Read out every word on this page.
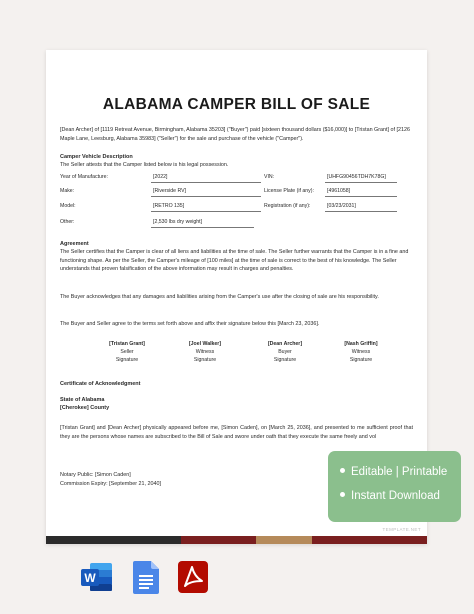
ALABAMA CAMPER BILL OF SALE
[Dean Archer] of [1119 Retreat Avenue, Birmingham, Alabama 35203] ("Buyer") paid [sixteen thousand dollars ($16,000)] to [Tristan Grant] of [2126 Maple Lane, Leesburg, Alabama 35983] ("Seller") for the sale and purchase of the vehicle ("Camper").
Camper Vehicle Description
The Seller attests that the Camper listed below is his legal possession.
Year of Manufacture:	[2022]	VIN:	[UHFG90456TDH7K78G]
Make:	[Riverside RV]	License Plate (if any):	[4961058]
Model:	[RETRO 135]	Registration (if any):	[03/23/2031]
Other:	[2,530 lbs dry weight]
Agreement
The Seller certifies that the Camper is clear of all liens and liabilities at the time of sale. The Seller further warrants that the Camper is in a fine and functioning shape. As per the Seller, the Camper's mileage of [100 miles] at the time of sale is correct to the best of his knowledge. The Seller understands that proven falsification of the above information may result in charges and penalties.
The Buyer acknowledges that any damages and liabilities arising from the Camper's use after the closing of sale are his responsibility.
The Buyer and Seller agree to the terms set forth above and affix their signature below this [March 23, 2036].
[Tristan Grant]
Seller
Signature
[Joel Walker]
Witness
Signature
[Dean Archer]
Buyer
Signature
[Nash Griffin]
Witness
Signature
Certificate of Acknowledgment
State of Alabama
[Cherokee] County
[Tristan Grant] and [Dean Archer] physically appeared before me, [Simon Caden], on [March 25, 2036], and presented to me sufficient proof that they are the persons whose names are subscribed to the Bill of Sale and swore under oath that they execute the same freely and vol
Notary Public: [Simon Caden]
Commission Expiry: [September 21, 2040]
TEMPLATE.NET
Editable | Printable
Instant Download
W
